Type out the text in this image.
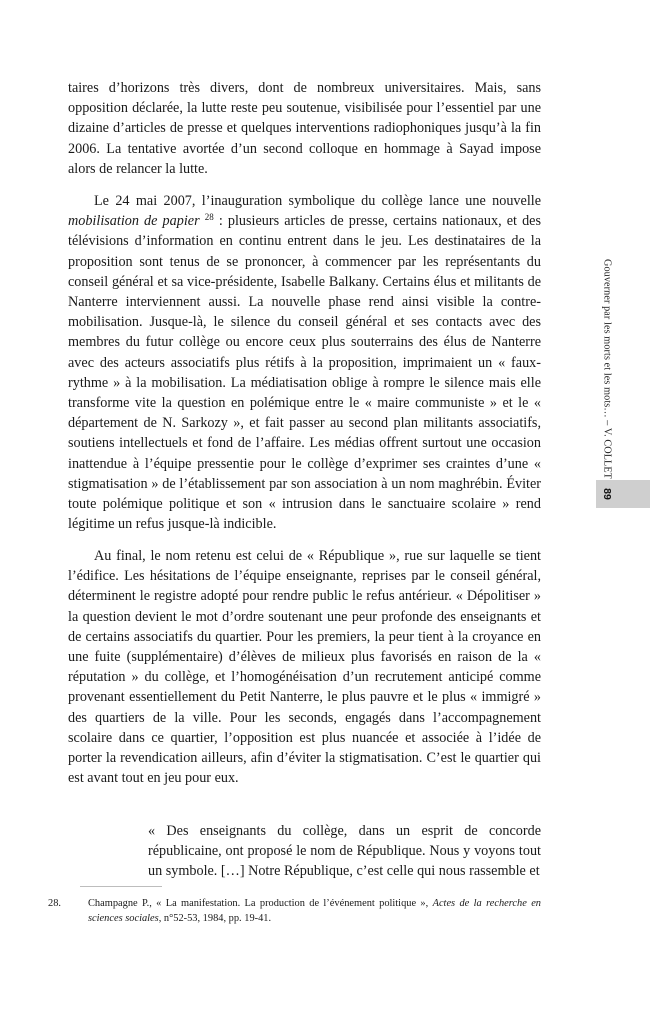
taires d’horizons très divers, dont de nombreux universitaires. Mais, sans opposition déclarée, la lutte reste peu soutenue, visibilisée pour l’essentiel par une dizaine d’articles de presse et quelques interventions radiophoniques jusqu’à la fin 2006. La tentative avortée d’un second colloque en hommage à Sayad impose alors de relancer la lutte.
Le 24 mai 2007, l’inauguration symbolique du collège lance une nouvelle mobilisation de papier $^{28}$ : plusieurs articles de presse, certains nationaux, et des télévisions d’information en continu entrent dans le jeu. Les destinataires de la proposition sont tenus de se prononcer, à commencer par les représentants du conseil général et sa vice-présidente, Isabelle Balkany. Certains élus et militants de Nanterre interviennent aussi. La nouvelle phase rend ainsi visible la contre-mobilisation. Jusque-là, le silence du conseil général et ses contacts avec des membres du futur collège ou encore ceux plus souterrains des élus de Nanterre avec des acteurs associatifs plus rétifs à la proposition, imprimaient un « faux-rythme » à la mobilisation. La médiatisation oblige à rompre le silence mais elle transforme vite la question en polémique entre le « maire communiste » et le « département de N. Sarkozy », et fait passer au second plan militants associatifs, soutiens intellectuels et fond de l’affaire. Les médias offrent surtout une occasion inattendue à l’équipe pressentie pour le collège d’exprimer ses craintes d’une « stigmatisation » de l’établissement par son association à un nom maghrébin. Éviter toute polémique politique et son « intrusion dans le sanctuaire scolaire » rend légitime un refus jusque-là indicible.
Au final, le nom retenu est celui de « République », rue sur laquelle se tient l’édifice. Les hésitations de l’équipe enseignante, reprises par le conseil général, déterminent le registre adopté pour rendre public le refus antérieur. « Dépolitiser » la question devient le mot d’ordre soutenant une peur profonde des enseignants et de certains associatifs du quartier. Pour les premiers, la peur tient à la croyance en une fuite (supplémentaire) d’élèves de milieux plus favorisés en raison de la « réputation » du collège, et l’homogénéisation d’un recrutement anticipé comme provenant essentiellement du Petit Nanterre, le plus pauvre et le plus « immigré » des quartiers de la ville. Pour les seconds, engagés dans l’accompagnement scolaire dans ce quartier, l’opposition est plus nuancée et associée à l’idée de porter la revendication ailleurs, afin d’éviter la stigmatisation. C’est le quartier qui est avant tout en jeu pour eux.
« Des enseignants du collège, dans un esprit de concorde républicaine, ont proposé le nom de République. Nous y voyons tout un symbole. […] Notre République, c’est celle qui nous rassemble et
28.	Champagne P., « La manifestation. La production de l’événement politique », Actes de la recherche en sciences sociales, n°52-53, 1984, pp. 19-41.
Gouverner par les morts et les mots… – V. COLLET
89
